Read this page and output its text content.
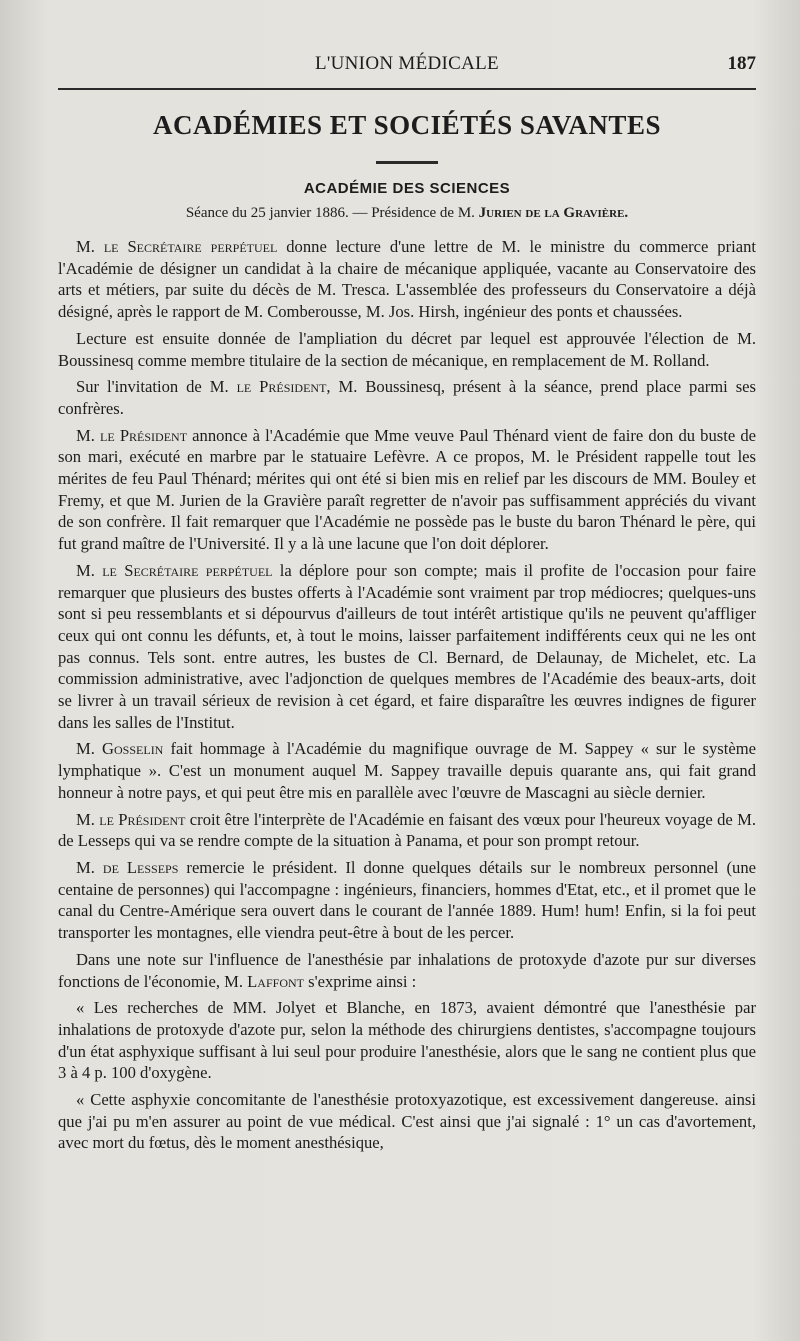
L'UNION MÉDICALE	187
ACADÉMIES ET SOCIÉTÉS SAVANTES
ACADÉMIE DES SCIENCES
Séance du 25 janvier 1886. — Présidence de M. Jurien de la Gravière.

M. le Secrétaire perpétuel donne lecture d'une lettre de M. le ministre du commerce priant l'Académie de désigner un candidat à la chaire de mécanique appliquée, vacante au Conservatoire des arts et métiers, par suite du décès de M. Tresca. L'assemblée des professeurs du Conservatoire a déjà désigné, après le rapport de M. Comberousse, M. Jos. Hirsh, ingénieur des ponts et chaussées.

Lecture est ensuite donnée de l'ampliation du décret par lequel est approuvée l'élection de M. Boussinesq comme membre titulaire de la section de mécanique, en remplacement de M. Rolland.

Sur l'invitation de M. le Président, M. Boussinesq, présent à la séance, prend place parmi ses confrères.

M. le Président annonce à l'Académie que Mme veuve Paul Thénard vient de faire don du buste de son mari, exécuté en marbre par le statuaire Lefèvre. A ce propos, M. le Président rappelle tout les mérites de feu Paul Thénard; mérites qui ont été si bien mis en relief par les discours de MM. Bouley et Fremy, et que M. Jurien de la Gravière paraît regretter de n'avoir pas suffisamment appréciés du vivant de son confrère. Il fait remarquer que l'Académie ne possède pas le buste du baron Thénard le père, qui fut grand maître de l'Université. Il y a là une lacune que l'on doit déplorer.

M. le Secrétaire perpétuel la déplore pour son compte; mais il profite de l'occasion pour faire remarquer que plusieurs des bustes offerts à l'Académie sont vraiment par trop médiocres; quelques-uns sont si peu ressemblants et si dépourvus d'ailleurs de tout intérêt artistique qu'ils ne peuvent qu'affliger ceux qui ont connu les défunts, et, à tout le moins, laisser parfaitement indifférents ceux qui ne les ont pas connus. Tels sont. entre autres, les bustes de Cl. Bernard, de Delaunay, de Michelet, etc. La commission administrative, avec l'adjonction de quelques membres de l'Académie des beaux-arts, doit se livrer à un travail sérieux de revision à cet égard, et faire disparaître les œuvres indignes de figurer dans les salles de l'Institut.

M. Gosselin fait hommage à l'Académie du magnifique ouvrage de M. Sappey « sur le système lymphatique ». C'est un monument auquel M. Sappey travaille depuis quarante ans, qui fait grand honneur à notre pays, et qui peut être mis en parallèle avec l'œuvre de Mascagni au siècle dernier.

M. le Président croit être l'interprète de l'Académie en faisant des vœux pour l'heureux voyage de M. de Lesseps qui va se rendre compte de la situation à Panama, et pour son prompt retour.

M. de Lesseps remercie le président. Il donne quelques détails sur le nombreux personnel (une centaine de personnes) qui l'accompagne : ingénieurs, financiers, hommes d'Etat, etc., et il promet que le canal du Centre-Amérique sera ouvert dans le courant de l'année 1889. Hum! hum! Enfin, si la foi peut transporter les montagnes, elle viendra peut-être à bout de les percer.

Dans une note sur l'influence de l'anesthésie par inhalations de protoxyde d'azote pur sur diverses fonctions de l'économie, M. Laffont s'exprime ainsi :

« Les recherches de MM. Jolyet et Blanche, en 1873, avaient démontré que l'anesthésie par inhalations de protoxyde d'azote pur, selon la méthode des chirurgiens dentistes, s'accompagne toujours d'un état asphyxique suffisant à lui seul pour produire l'anesthésie, alors que le sang ne contient plus que 3 à 4 p. 100 d'oxygène.

« Cette asphyxie concomitante de l'anesthésie protoxyazotique, est excessivement dangereuse. ainsi que j'ai pu m'en assurer au point de vue médical. C'est ainsi que j'ai signalé : 1° un cas d'avortement, avec mort du fœtus, dès le moment anesthésique,
